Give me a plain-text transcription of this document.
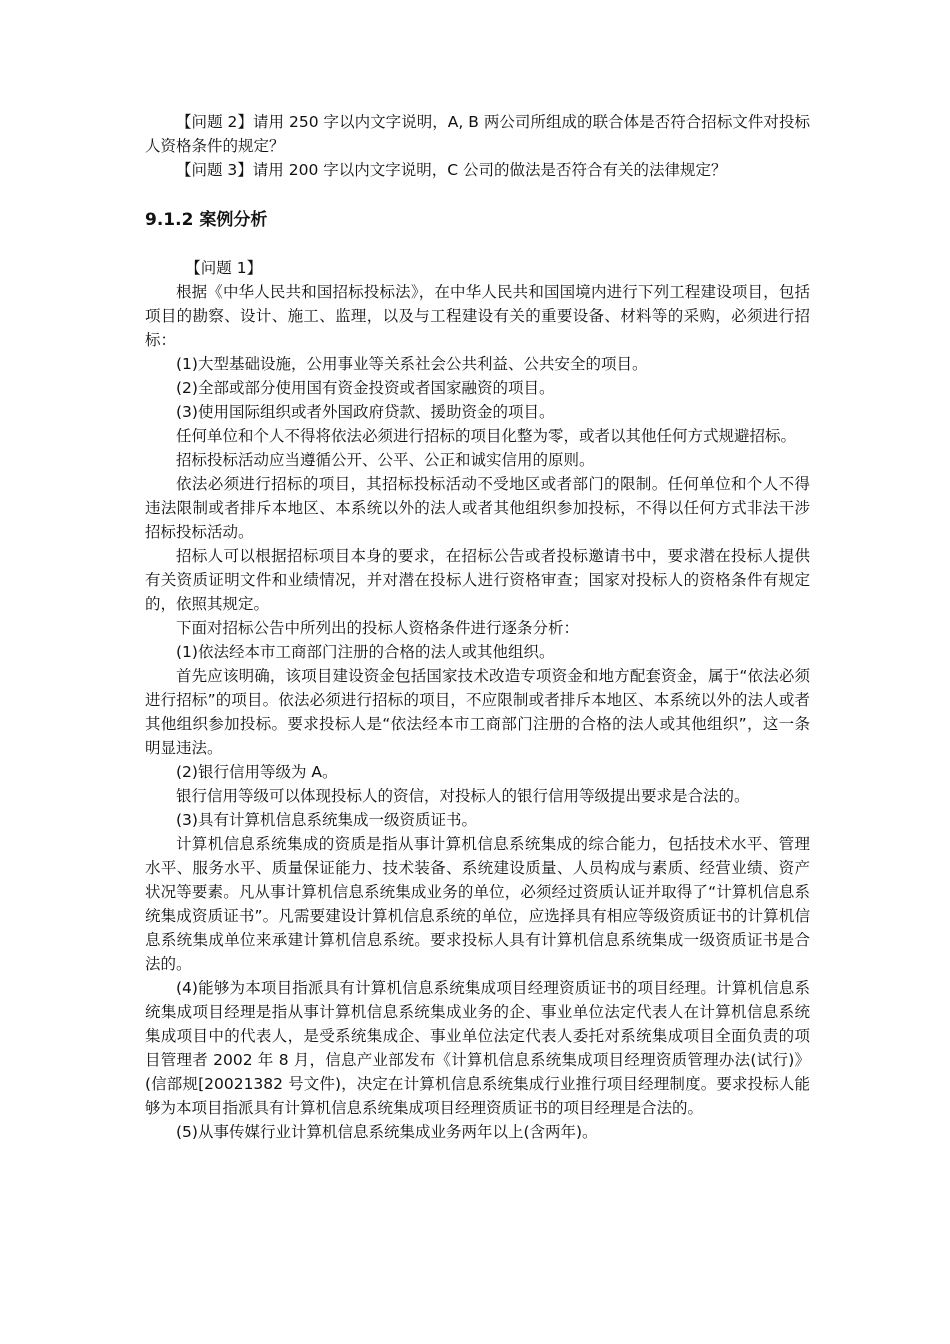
【问题 2】请用 250 字以内文字说明，A, B 两公司所组成的联合体是否符合招标文件对投标人资格条件的规定？

【问题 3】请用 200 字以内文字说明，C 公司的做法是否符合有关的法律规定？

9.1.2 案例分析

【问题 1】

根据《中华人民共和国招标投标法》，在中华人民共和国国境内进行下列工程建设项目，包括项目的勘察、设计、施工、监理，以及与工程建设有关的重要设备、材料等的采购，必须进行招标：

(1)大型基础设施，公用事业等关系社会公共利益、公共安全的项目。

(2)全部或部分使用国有资金投资或者国家融资的项目。

(3)使用国际组织或者外国政府贷款、援助资金的项目。

任何单位和个人不得将依法必须进行招标的项目化整为零，或者以其他任何方式规避招标。

招标投标活动应当遵循公开、公平、公正和诚实信用的原则。

依法必须进行招标的项目，其招标投标活动不受地区或者部门的限制。任何单位和个人不得违法限制或者排斥本地区、本系统以外的法人或者其他组织参加投标，不得以任何方式非法干涉招标投标活动。

招标人可以根据招标项目本身的要求，在招标公告或者投标邀请书中，要求潜在投标人提供有关资质证明文件和业绩情况，并对潜在投标人进行资格审查；国家对投标人的资格条件有规定的，依照其规定。

下面对招标公告中所列出的投标人资格条件进行逐条分析：

(1)依法经本市工商部门注册的合格的法人或其他组织。

首先应该明确，该项目建设资金包括国家技术改造专项资金和地方配套资金，属于“依法必须进行招标”的项目。依法必须进行招标的项目，不应限制或者排斥本地区、本系统以外的法人或者其他组织参加投标。要求投标人是“依法经本市工商部门注册的合格的法人或其他组织”，这一条明显违法。

(2)银行信用等级为 A。

银行信用等级可以体现投标人的资信，对投标人的银行信用等级提出要求是合法的。

(3)具有计算机信息系统集成一级资质证书。

计算机信息系统集成的资质是指从事计算机信息系统集成的综合能力，包括技术水平、管理水平、服务水平、质量保证能力、技术装备、系统建设质量、人员构成与素质、经营业绩、资产状况等要素。凡从事计算机信息系统集成业务的单位，必须经过资质认证并取得了“计算机信息系统集成资质证书”。凡需要建设计算机信息系统的单位，应选择具有相应等级资质证书的计算机信息系统集成单位来承建计算机信息系统。要求投标人具有计算机信息系统集成一级资质证书是合法的。

(4)能够为本项目指派具有计算机信息系统集成项目经理资质证书的项目经理。计算机信息系统集成项目经理是指从事计算机信息系统集成业务的企、事业单位法定代表人在计算机信息系统集成项目中的代表人，是受系统集成企、事业单位法定代表人委托对系统集成项目全面负责的项目管理者 2002 年 8 月，信息产业部发布《计算机信息系统集成项目经理资质管理办法(试行)》(信部规[20021382 号文件)，决定在计算机信息系统集成行业推行项目经理制度。要求投标人能够为本项目指派具有计算机信息系统集成项目经理资质证书的项目经理是合法的。

(5)从事传媒行业计算机信息系统集成业务两年以上(含两年)。
